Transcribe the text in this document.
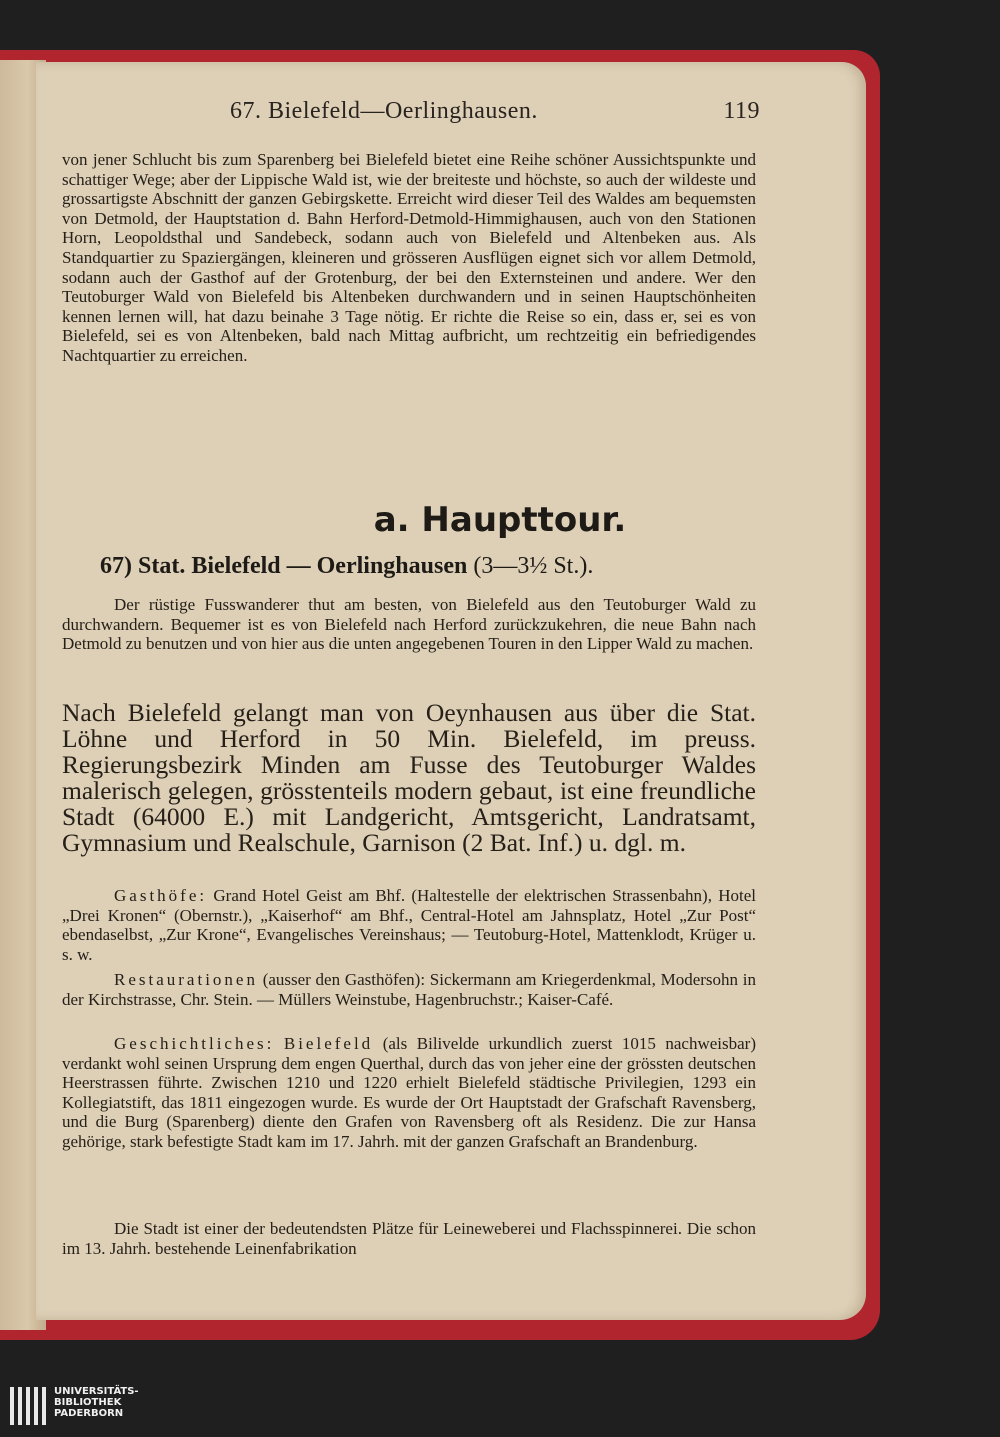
67. Bielefeld—Oerlinghausen.	119
von jener Schlucht bis zum Sparenberg bei Bielefeld bietet eine Reihe schöner Aussichtspunkte und schattiger Wege; aber der Lippische Wald ist, wie der breiteste und höchste, so auch der wildeste und grossartigste Abschnitt der ganzen Gebirgskette. Erreicht wird dieser Teil des Waldes am bequemsten von Detmold, der Hauptstation d. Bahn Herford-Detmold-Himmighausen, auch von den Stationen Horn, Leopoldsthal und Sandebeck, sodann auch von Bielefeld und Altenbeken aus. Als Standquartier zu Spaziergängen, kleineren und grösseren Ausflügen eignet sich vor allem Detmold, sodann auch der Gasthof auf der Grotenburg, der bei den Externsteinen und andere. Wer den Teutoburger Wald von Bielefeld bis Altenbeken durchwandern und in seinen Hauptschönheiten kennen lernen will, hat dazu beinahe 3 Tage nötig. Er richte die Reise so ein, dass er, sei es von Bielefeld, sei es von Altenbeken, bald nach Mittag aufbricht, um rechtzeitig ein befriedigendes Nachtquartier zu erreichen.
a. Haupttour.
67) Stat. Bielefeld — Oerlinghausen (3—3½ St.).
Der rüstige Fusswanderer thut am besten, von Bielefeld aus den Teutoburger Wald zu durchwandern. Bequemer ist es von Bielefeld nach Herford zurückzukehren, die neue Bahn nach Detmold zu benutzen und von hier aus die unten angegebenen Touren in den Lipper Wald zu machen.
Nach Bielefeld gelangt man von Oeynhausen aus über die Stat. Löhne und Herford in 50 Min. Bielefeld, im preuss. Regierungsbezirk Minden am Fusse des Teutoburger Waldes malerisch gelegen, grösstenteils modern gebaut, ist eine freundliche Stadt (64000 E.) mit Landgericht, Amtsgericht, Landratsamt, Gymnasium und Realschule, Garnison (2 Bat. Inf.) u. dgl. m.
Gasthöfe: Grand Hotel Geist am Bhf. (Haltestelle der elektrischen Strassenbahn), Hotel „Drei Kronen“ (Obernstr.), „Kaiserhof“ am Bhf., Central-Hotel am Jahnsplatz, Hotel „Zur Post“ ebendaselbst, „Zur Krone“, Evangelisches Vereinshaus; — Teutoburg-Hotel, Mattenklodt, Krüger u. s. w.
Restaurationen (ausser den Gasthöfen): Sickermann am Kriegerdenkmal, Modersohn in der Kirchstrasse, Chr. Stein. — Müllers Weinstube, Hagenbruchstr.; Kaiser-Café.
Geschichtliches: Bielefeld (als Bilivelde urkundlich zuerst 1015 nachweisbar) verdankt wohl seinen Ursprung dem engen Querthal, durch das von jeher eine der grössten deutschen Heerstrassen führte. Zwischen 1210 und 1220 erhielt Bielefeld städtische Privilegien, 1293 ein Kollegiatstift, das 1811 eingezogen wurde. Es wurde der Ort Hauptstadt der Grafschaft Ravensberg, und die Burg (Sparenberg) diente den Grafen von Ravensberg oft als Residenz. Die zur Hansa gehörige, stark befestigte Stadt kam im 17. Jahrh. mit der ganzen Grafschaft an Brandenburg.
Die Stadt ist einer der bedeutendsten Plätze für Leineweberei und Flachsspinnerei. Die schon im 13. Jahrh. bestehende Leinenfabrikation
UNIVERSITÄTS-
BIBLIOTHEK
PADERBORN
